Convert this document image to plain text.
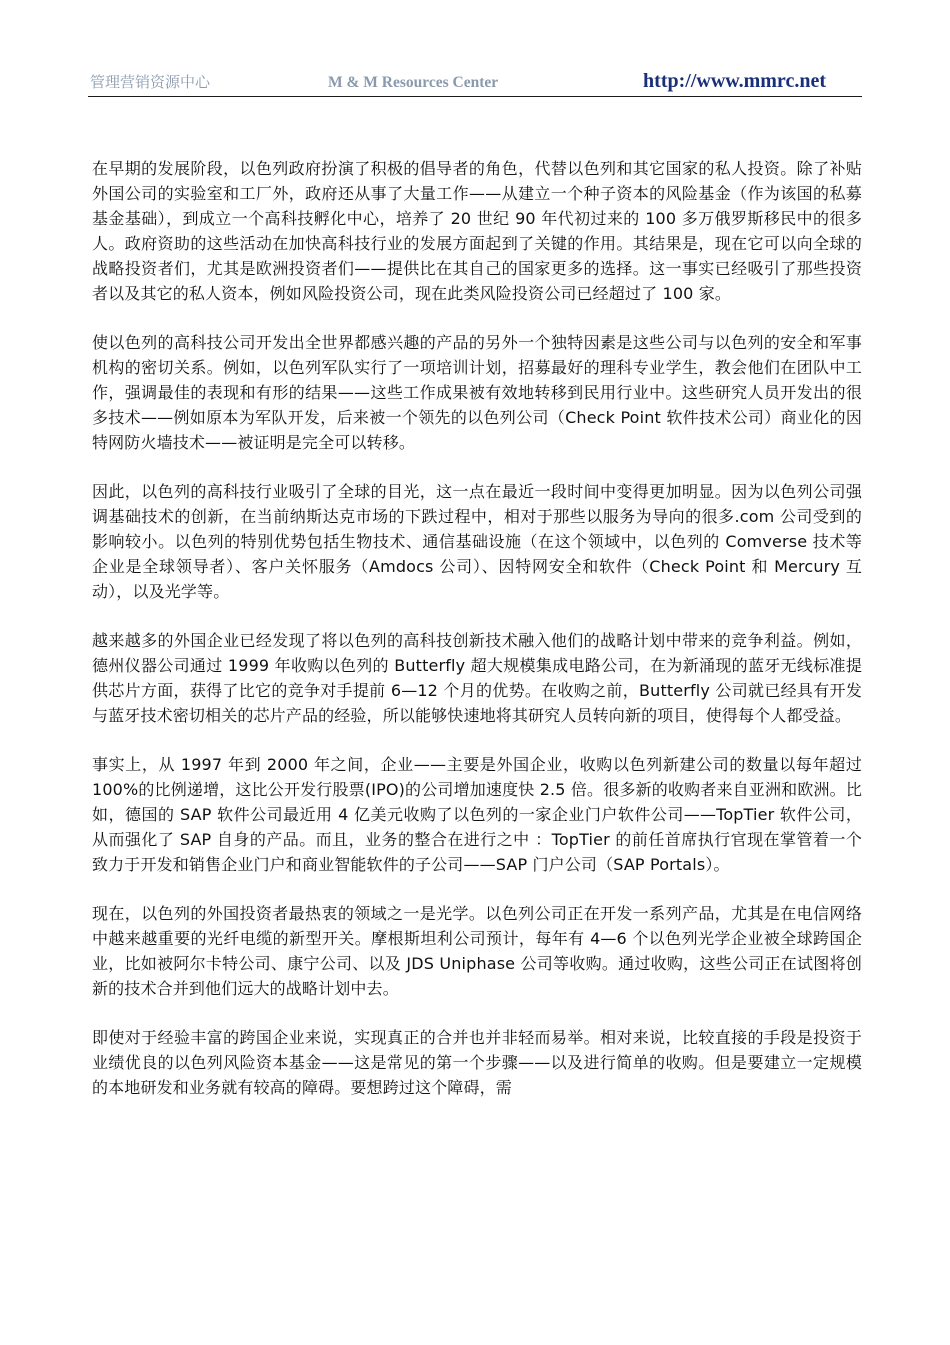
管理营销资源中心	M & M Resources Center	http://www.mmrc.net

在早期的发展阶段，以色列政府扮演了积极的倡导者的角色，代替以色列和其它国家的私人投资。除了补贴外国公司的实验室和工厂外，政府还从事了大量工作——从建立一个种子资本的风险基金（作为该国的私募基金基础），到成立一个高科技孵化中心，培养了 20 世纪 90 年代初过来的 100 多万俄罗斯移民中的很多人。政府资助的这些活动在加快高科技行业的发展方面起到了关键的作用。其结果是，现在它可以向全球的战略投资者们，尤其是欧洲投资者们——提供比在其自己的国家更多的选择。这一事实已经吸引了那些投资者以及其它的私人资本，例如风险投资公司，现在此类风险投资公司已经超过了 100 家。

使以色列的高科技公司开发出全世界都感兴趣的产品的另外一个独特因素是这些公司与以色列的安全和军事机构的密切关系。例如，以色列军队实行了一项培训计划，招募最好的理科专业学生，教会他们在团队中工作，强调最佳的表现和有形的结果——这些工作成果被有效地转移到民用行业中。这些研究人员开发出的很多技术——例如原本为军队开发，后来被一个领先的以色列公司（Check Point 软件技术公司）商业化的因特网防火墙技术——被证明是完全可以转移。

因此，以色列的高科技行业吸引了全球的目光，这一点在最近一段时间中变得更加明显。因为以色列公司强调基础技术的创新，在当前纳斯达克市场的下跌过程中，相对于那些以服务为导向的很多.com 公司受到的影响较小。以色列的特别优势包括生物技术、通信基础设施（在这个领域中，以色列的 Comverse 技术等企业是全球领导者）、客户关怀服务（Amdocs 公司）、因特网安全和软件（Check Point 和 Mercury 互动），以及光学等。

越来越多的外国企业已经发现了将以色列的高科技创新技术融入他们的战略计划中带来的竞争利益。例如，德州仪器公司通过 1999 年收购以色列的 Butterfly 超大规模集成电路公司，在为新涌现的蓝牙无线标准提供芯片方面，获得了比它的竞争对手提前 6—12 个月的优势。在收购之前，Butterfly 公司就已经具有开发与蓝牙技术密切相关的芯片产品的经验，所以能够快速地将其研究人员转向新的项目，使得每个人都受益。

事实上，从 1997 年到 2000 年之间，企业——主要是外国企业，收购以色列新建公司的数量以每年超过 100%的比例递增，这比公开发行股票(IPO)的公司增加速度快 2.5 倍。很多新的收购者来自亚洲和欧洲。比如，德国的 SAP 软件公司最近用 4 亿美元收购了以色列的一家企业门户软件公司——TopTier 软件公司，从而强化了 SAP 自身的产品。而且，业务的整合在进行之中 ：TopTier 的前任首席执行官现在掌管着一个致力于开发和销售企业门户和商业智能软件的子公司——SAP 门户公司（SAP Portals）。

现在，以色列的外国投资者最热衷的领域之一是光学。以色列公司正在开发一系列产品，尤其是在电信网络中越来越重要的光纤电缆的新型开关。摩根斯坦利公司预计，每年有 4—6 个以色列光学企业被全球跨国企业，比如被阿尔卡特公司、康宁公司、以及 JDS Uniphase 公司等收购。通过收购，这些公司正在试图将创新的技术合并到他们远大的战略计划中去。

即使对于经验丰富的跨国企业来说，实现真正的合并也并非轻而易举。相对来说，比较直接的手段是投资于业绩优良的以色列风险资本基金——这是常见的第一个步骤——以及进行简单的收购。但是要建立一定规模的本地研发和业务就有较高的障碍。要想跨过这个障碍，需
